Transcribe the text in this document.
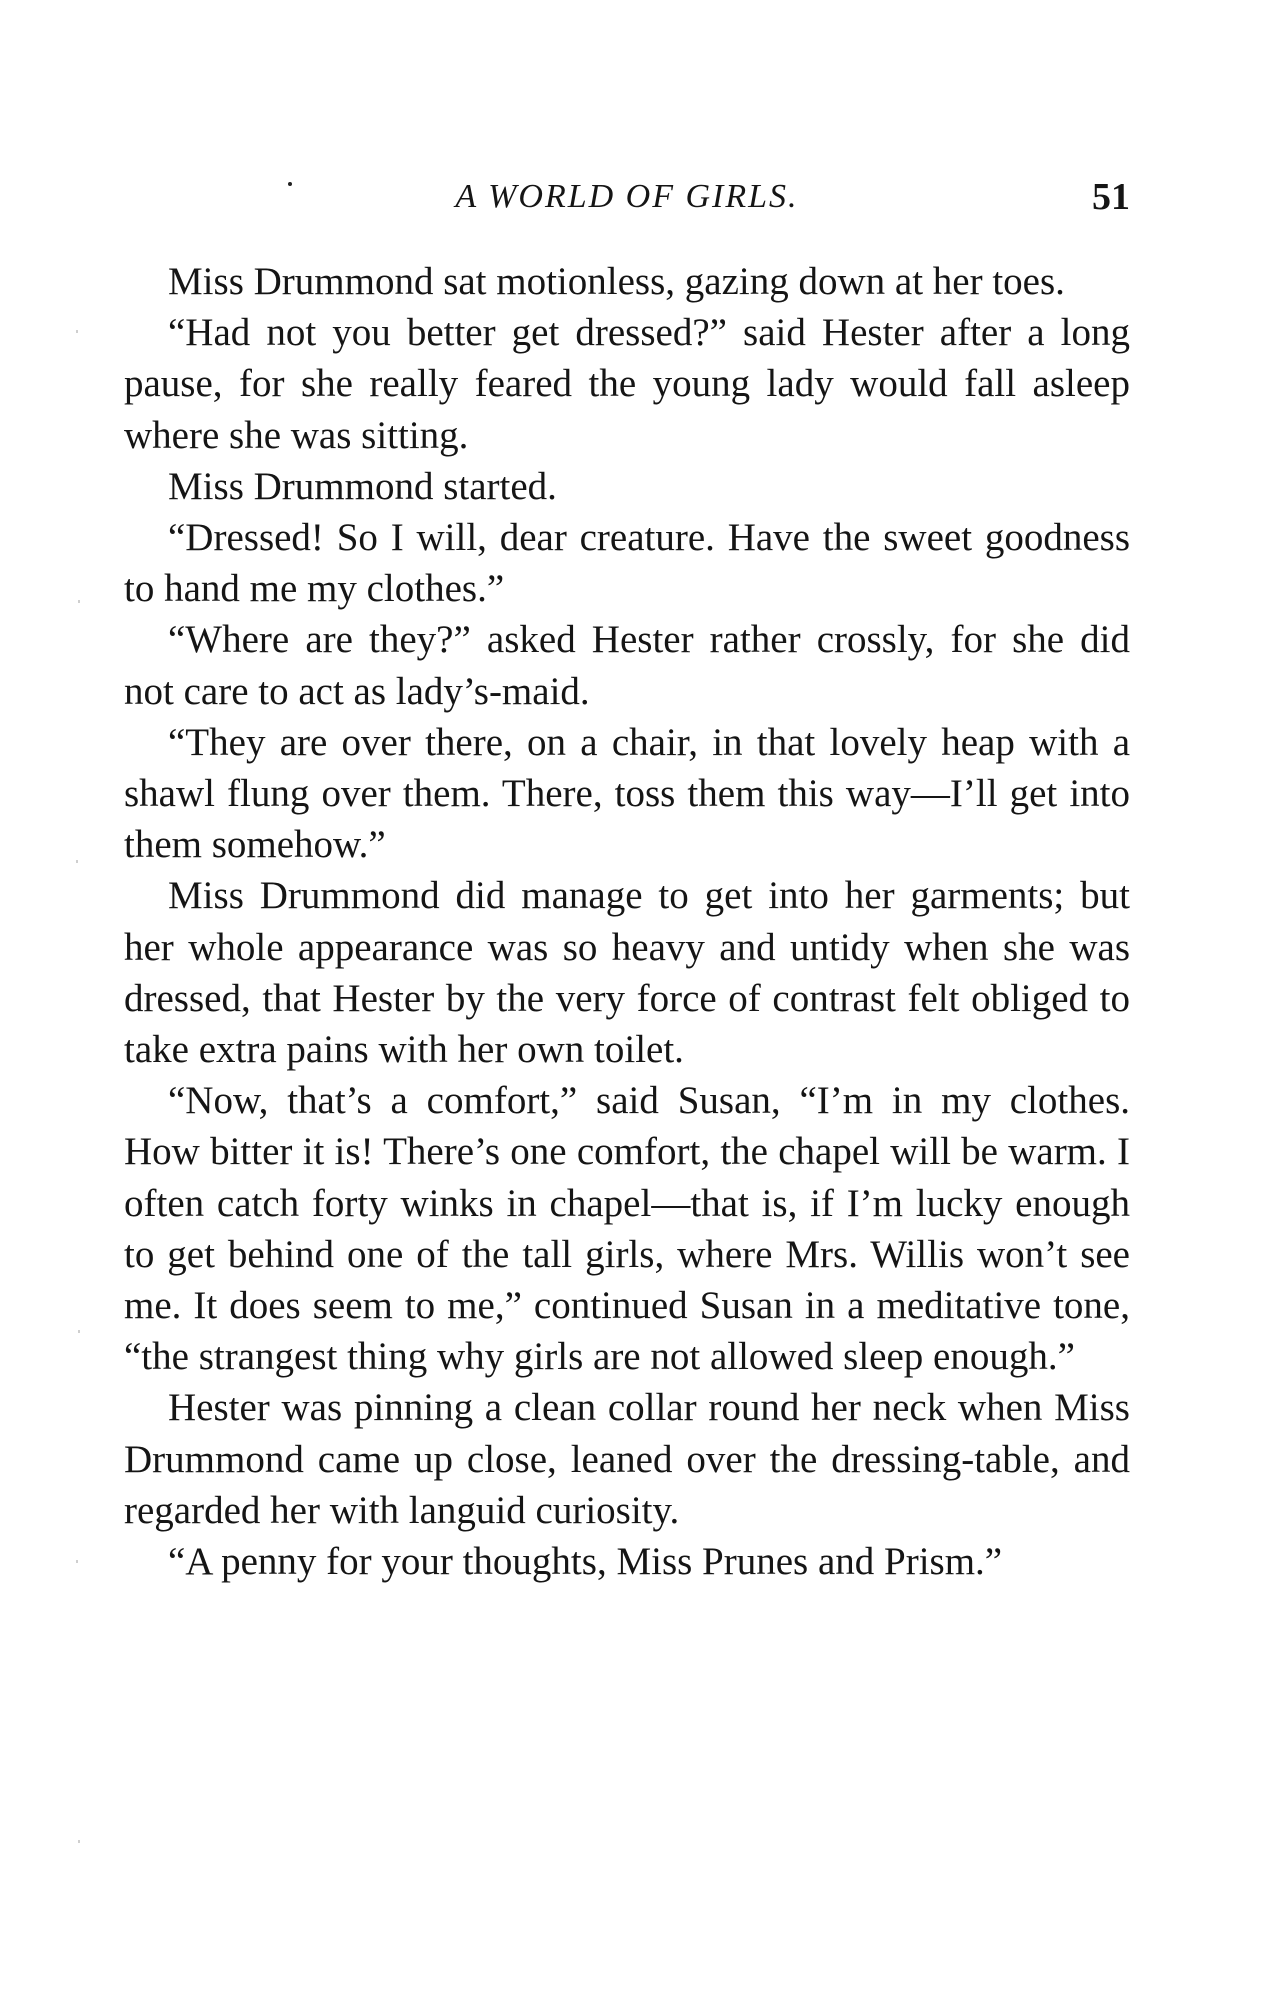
A WORLD OF GIRLS.	51

Miss Drummond sat motionless, gazing down at her toes.

“Had not you better get dressed?” said Hester after a long pause, for she really feared the young lady would fall asleep where she was sitting.

Miss Drummond started.

“Dressed! So I will, dear creature. Have the sweet goodness to hand me my clothes.”

“Where are they?” asked Hester rather crossly, for she did not care to act as lady’s-maid.

“They are over there, on a chair, in that lovely heap with a shawl flung over them. There, toss them this way—I’ll get into them somehow.”

Miss Drummond did manage to get into her garments; but her whole appearance was so heavy and untidy when she was dressed, that Hester by the very force of contrast felt obliged to take extra pains with her own toilet.

“Now, that’s a comfort,” said Susan, “I’m in my clothes. How bitter it is! There’s one comfort, the chapel will be warm. I often catch forty winks in chapel—that is, if I’m lucky enough to get behind one of the tall girls, where Mrs. Willis won’t see me. It does seem to me,” continued Susan in a meditative tone, “the strangest thing why girls are not allowed sleep enough.”

Hester was pinning a clean collar round her neck when Miss Drummond came up close, leaned over the dressing-table, and regarded her with languid curiosity.

“A penny for your thoughts, Miss Prunes and Prism.”
